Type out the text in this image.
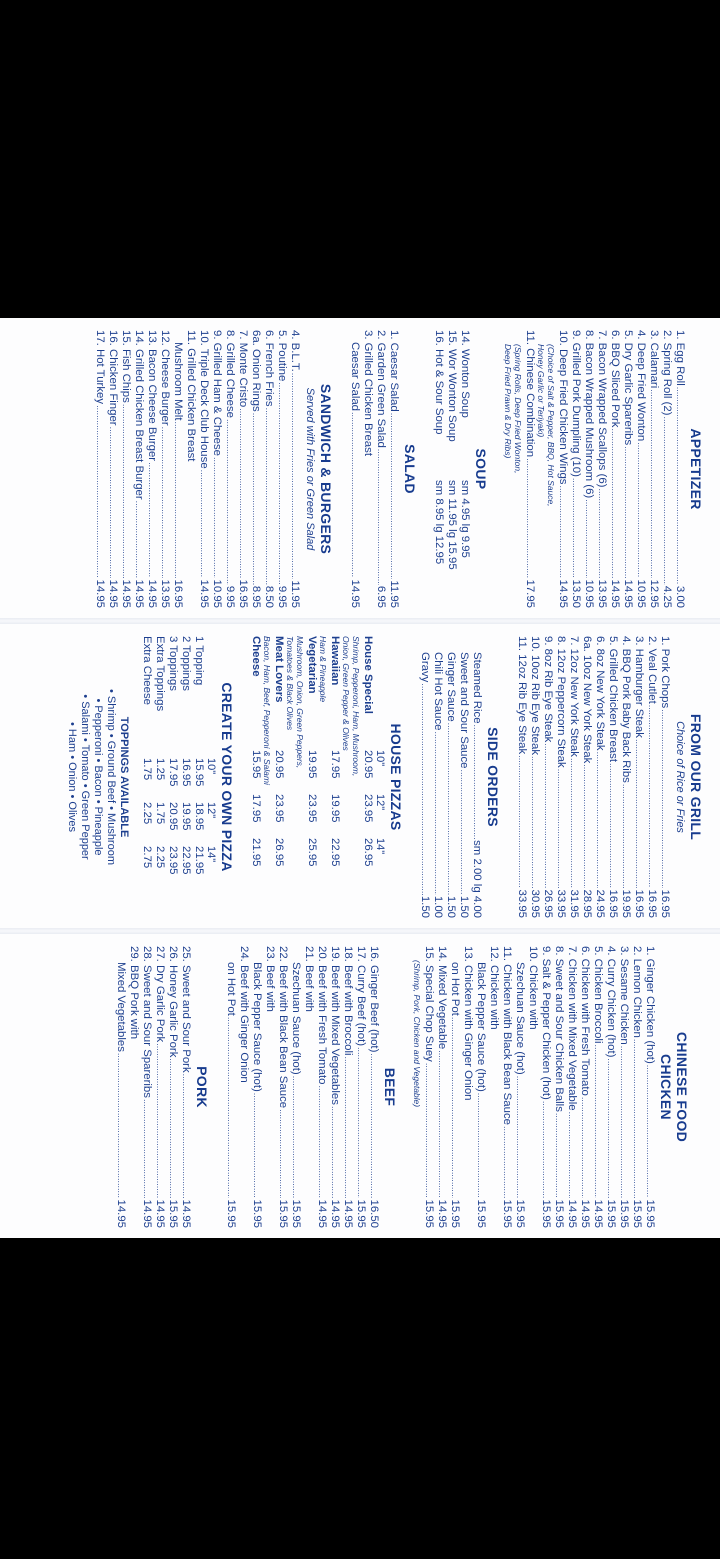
APPETIZER
1. Egg Roll
.....
3.00
2. Spring Roll (2)
.....
4.25
3. Calamari
.....
12.95
4. Deep Fried Wonton
.....
10.95
5. Dry Garlic Spareribs
.....
14.95
6. BBQ Sliced Pork
.....
14.95
7. Bacon Wrapped Scallops (6)
.....
13.95
8. Bacon Wrapped Mushroom (6)
.....
10.95
9. Grilled Pork Dumpling (10)
.....
13.50
10. Deep Fried Chicken Wings
.....
14.95
(Choice of Salt & Pepper, BBQ, Hot Sauce,
Honey Garlic or Teriyaki)
11. Chinese Combination
.....
17.95
(Spring Rolls, Deep Fried Wonton,
Deep Fried Prawn & Dry Ribs)
SOUP
14. Wonton Soup
sm 4.95 lg 9.95
15. Wor Wonton Soup
sm 11.95 lg 15.95
16. Hot & Sour Soup
sm 8.95 lg 12.95
SALAD
1. Caesar Salad
.....
11.95
2. Garden Green Salad
.....
6.95
3. Grilled Chicken Breast
Caesar Salad
.....
14.95
SANDWICH & BURGERS
Served with Fries or Green Salad
4. B.L.T.
.....
11.95
5. Poutine
.....
9.95
6. French Fries
.....
8.50
6a. Onion Rings
.....
8.95
7. Monte Cristo
.....
16.95
8. Grilled Cheese
.....
9.95
9. Grilled Ham & Cheese
.....
10.95
10. Triple Deck Club House
.....
14.95
11. Grilled Chicken Breast
Mushroom Melt
.....
16.95
12. Cheese Burger
.....
13.95
13. Bacon Cheese Burger
.....
14.95
14. Grilled Chicken Breast Burger
.....
14.95
15. Fish Chips
.....
14.95
16. Chicken Finger
.....
14.95
17. Hot Turkey
.....
14.95
FROM OUR GRILL
Choice of Rice or Fries
1. Pork Chops
.....
16.95
2. Veal Cutlet
.....
16.95
3. Hamburger Steak
.....
16.95
4. BBQ Pork Baby Back Ribs
.....
19.95
5. Grilled Chicken Breast
.....
16.95
6. 8oz New York Steak
.....
24.95
6a. 10oz New York Steak
.....
28.95
7. 12oz New York Steak
.....
31.95
8. 12oz Peppercorn Steak
.....
33.95
9. 8oz Rib Eye Steak
.....
26.95
10. 10oz Rib Eye Steak
.....
30.95
11. 12oz Rib Eye Steak
.....
33.95
SIDE ORDERS
Steamed Rice
.....
sm 2.00 lg 4.00
Sweet and Sour Sauce
.....
1.50
Ginger Sauce
.....
1.50
Chili Hot Sauce
.....
1.00
Gravy
.....
1.50
HOUSE PIZZAS
10"
12"
14"
House Special
20.95
23.95
26.95
Shrimp, Pepperoni, Ham, Mushroom,
Onion, Green Pepper & Olives
Hawaiian
17.95
19.95
22.95
Ham & Pineapple
Vegetarian
19.95
23.95
25.95
Mushroom, Onion, Green Peppers,
Tomatoes & Black Olives
Meat Lovers
20.95
23.95
26.95
Bacon, Ham, Beef, Pepperoni & Salami
Cheese
15.95
17.95
21.95
CREATE YOUR OWN PIZZA
10"
12"
14"
1 Topping
15.95
18.95
21.95
2 Toppings
16.95
19.95
22.95
3 Toppings
17.95
20.95
23.95
Extra Toppings
1.25
1.75
2.25
Extra Cheese
1.75
2.25
2.75
TOPPINGS AVAILABLE
• Shrimp • Ground Beef • Mushroom
• Pepperoni • Bacon • Pineapple
• Salami • Tomato • Green Pepper
• Ham • Onion • Olives
CHINESE FOOD
CHICKEN
1. Ginger Chicken (hot)
.....
15.95
2. Lemon Chicken
.....
15.95
3. Sesame Chicken
.....
15.95
4. Curry Chicken (hot)
.....
15.95
5. Chicken Broccoli
.....
14.95
6. Chicken with Fresh Tomato
.....
14.95
7. Chicken with Mixed Vegetable
.....
14.95
8. Sweet and Sour Chicken Balls
.....
15.95
9. Salt & Pepper Chicken (hot)
.....
15.95
10. Chicken with
Szechuan Sauce (hot)
.....
15.95
11. Chicken with Black Bean Sauce
.....
15.95
12. Chicken with
Black Pepper Sauce (hot)
.....
15.95
13. Chicken with Ginger Onion
on Hot Pot
.....
15.95
14. Mixed Vegetable
.....
14.95
15. Special Chop Suey
.....
15.95
(Shrimp, Pork, Chicken and Vegetable)
BEEF
16. Ginger Beef (hot)
.....
16.50
17. Curry Beef (hot)
.....
15.95
18. Beef with Broccoli
.....
14.95
19. Beef with Mixed Vegetables
.....
14.95
20. Beef with Fresh Tomato
.....
14.95
21. Beef with
Szechuan Sauce (hot)
.....
15.95
22. Beef with Black Bean Sauce
.....
15.95
23. Beef with
Black Pepper Sauce (hot)
.....
15.95
24. Beef with Ginger Onion
on Hot Pot
.....
15.95
PORK
25. Sweet and Sour Pork
.....
14.95
26. Honey Garlic Pork
.....
15.95
27. Dry Garlic Pork
.....
14.95
28. Sweet and Sour Spareribs
.....
14.95
29. BBQ Pork with
Mixed Vegetables
.....
14.95
